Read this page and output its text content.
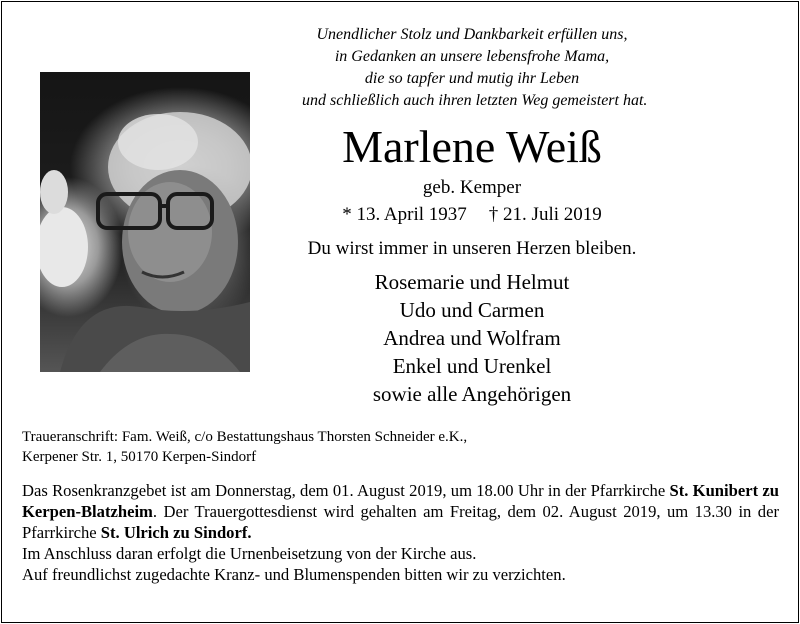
Unendlicher Stolz und Dankbarkeit erfüllen uns,
in Gedanken an unsere lebensfrohe Mama,
die so tapfer und mutig ihr Leben
und schließlich auch ihren letzten Weg gemeistert hat.
Marlene Weiß
geb. Kemper
* 13. April 1937 † 21. Juli 2019
Du wirst immer in unseren Herzen bleiben.
Rosemarie und Helmut
Udo und Carmen
Andrea und Wolfram
Enkel und Urenkel
sowie alle Angehörigen
Traueranschrift: Fam. Weiß, c/o Bestattungshaus Thorsten Schneider e.K.,
Kerpener Str. 1, 50170 Kerpen-Sindorf
Das Rosenkranzgebet ist am Donnerstag, dem 01. August 2019, um 18.00 Uhr in der Pfarrkirche St. Kunibert zu Kerpen-Blatzheim. Der Trauergottesdienst wird gehalten am Freitag, dem 02. August 2019, um 13.30 in der Pfarrkirche St. Ulrich zu Sindorf.
Im Anschluss daran erfolgt die Urnenbeisetzung von der Kirche aus.
Auf freundlichst zugedachte Kranz- und Blumenspenden bitten wir zu verzichten.
